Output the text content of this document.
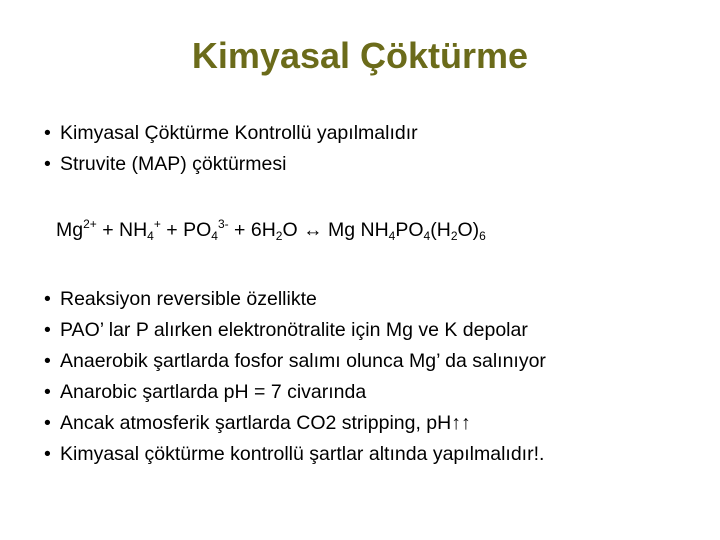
Kimyasal Çöktürme
• Kimyasal Çöktürme Kontrollü yapılmalıdır
• Struvite (MAP) çöktürmesi
$Mg^{2+} + NH_4^+ + PO_4^{3-} + 6H_2O$ ↔ Mg $NH_4PO_4(H_2O)_6$
• Reaksiyon reversible özellikte
• PAO’ lar P alırken elektronötralite için Mg ve K depolar
• Anaerobik şartlarda fosfor salımı olunca Mg’ da salınıyor
• Anarobic şartlarda pH = 7 civarında
• Ancak atmosferik şartlarda CO2 stripping, pH↑↑
• Kimyasal çöktürme kontrollü şartlar altında yapılmalıdır!.
